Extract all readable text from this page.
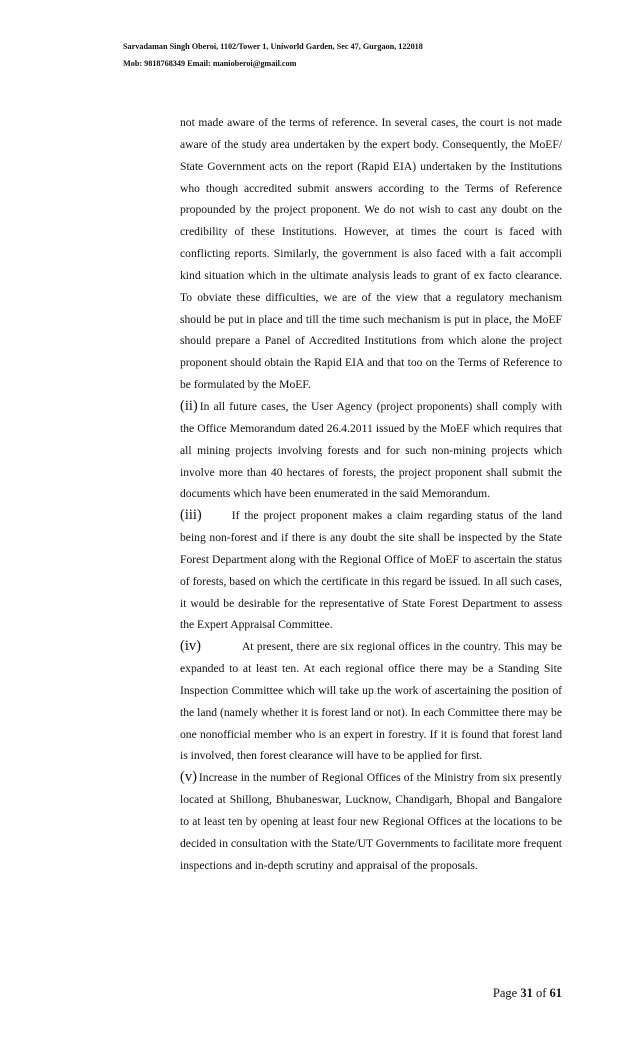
Sarvadaman Singh Oberoi, 1102/Tower 1, Uniworld Garden, Sec 47, Gurgaon, 122018
Mob: 9818768349 Email: manioberoi@gmail.com

not made aware of the terms of reference. In several cases, the court is not made aware of the study area undertaken by the expert body. Consequently, the MoEF/ State Government acts on the report (Rapid EIA) undertaken by the Institutions who though accredited submit answers according to the Terms of Reference propounded by the project proponent. We do not wish to cast any doubt on the credibility of these Institutions. However, at times the court is faced with conflicting reports. Similarly, the government is also faced with a fait accompli kind situation which in the ultimate analysis leads to grant of ex facto clearance. To obviate these difficulties, we are of the view that a regulatory mechanism should be put in place and till the time such mechanism is put in place, the MoEF should prepare a Panel of Accredited Institutions from which alone the project proponent should obtain the Rapid EIA and that too on the Terms of Reference to be formulated by the MoEF.

(ii) In all future cases, the User Agency (project proponents) shall comply with the Office Memorandum dated 26.4.2011 issued by the MoEF which requires that all mining projects involving forests and for such non-mining projects which involve more than 40 hectares of forests, the project proponent shall submit the documents which have been enumerated in the said Memorandum.

(iii)	If the project proponent makes a claim regarding status of the land being non-forest and if there is any doubt the site shall be inspected by the State Forest Department along with the Regional Office of MoEF to ascertain the status of forests, based on which the certificate in this regard be issued. In all such cases, it would be desirable for the representative of State Forest Department to assess the Expert Appraisal Committee.

(iv)	At present, there are six regional offices in the country. This may be expanded to at least ten. At each regional office there may be a Standing Site Inspection Committee which will take up the work of ascertaining the position of the land (namely whether it is forest land or not). In each Committee there may be one nonofficial member who is an expert in forestry. If it is found that forest land is involved, then forest clearance will have to be applied for first.

(v) Increase in the number of Regional Offices of the Ministry from six presently located at Shillong, Bhubaneswar, Lucknow, Chandigarh, Bhopal and Bangalore to at least ten by opening at least four new Regional Offices at the locations to be decided in consultation with the State/UT Governments to facilitate more frequent inspections and in-depth scrutiny and appraisal of the proposals.

Page 31 of 61
